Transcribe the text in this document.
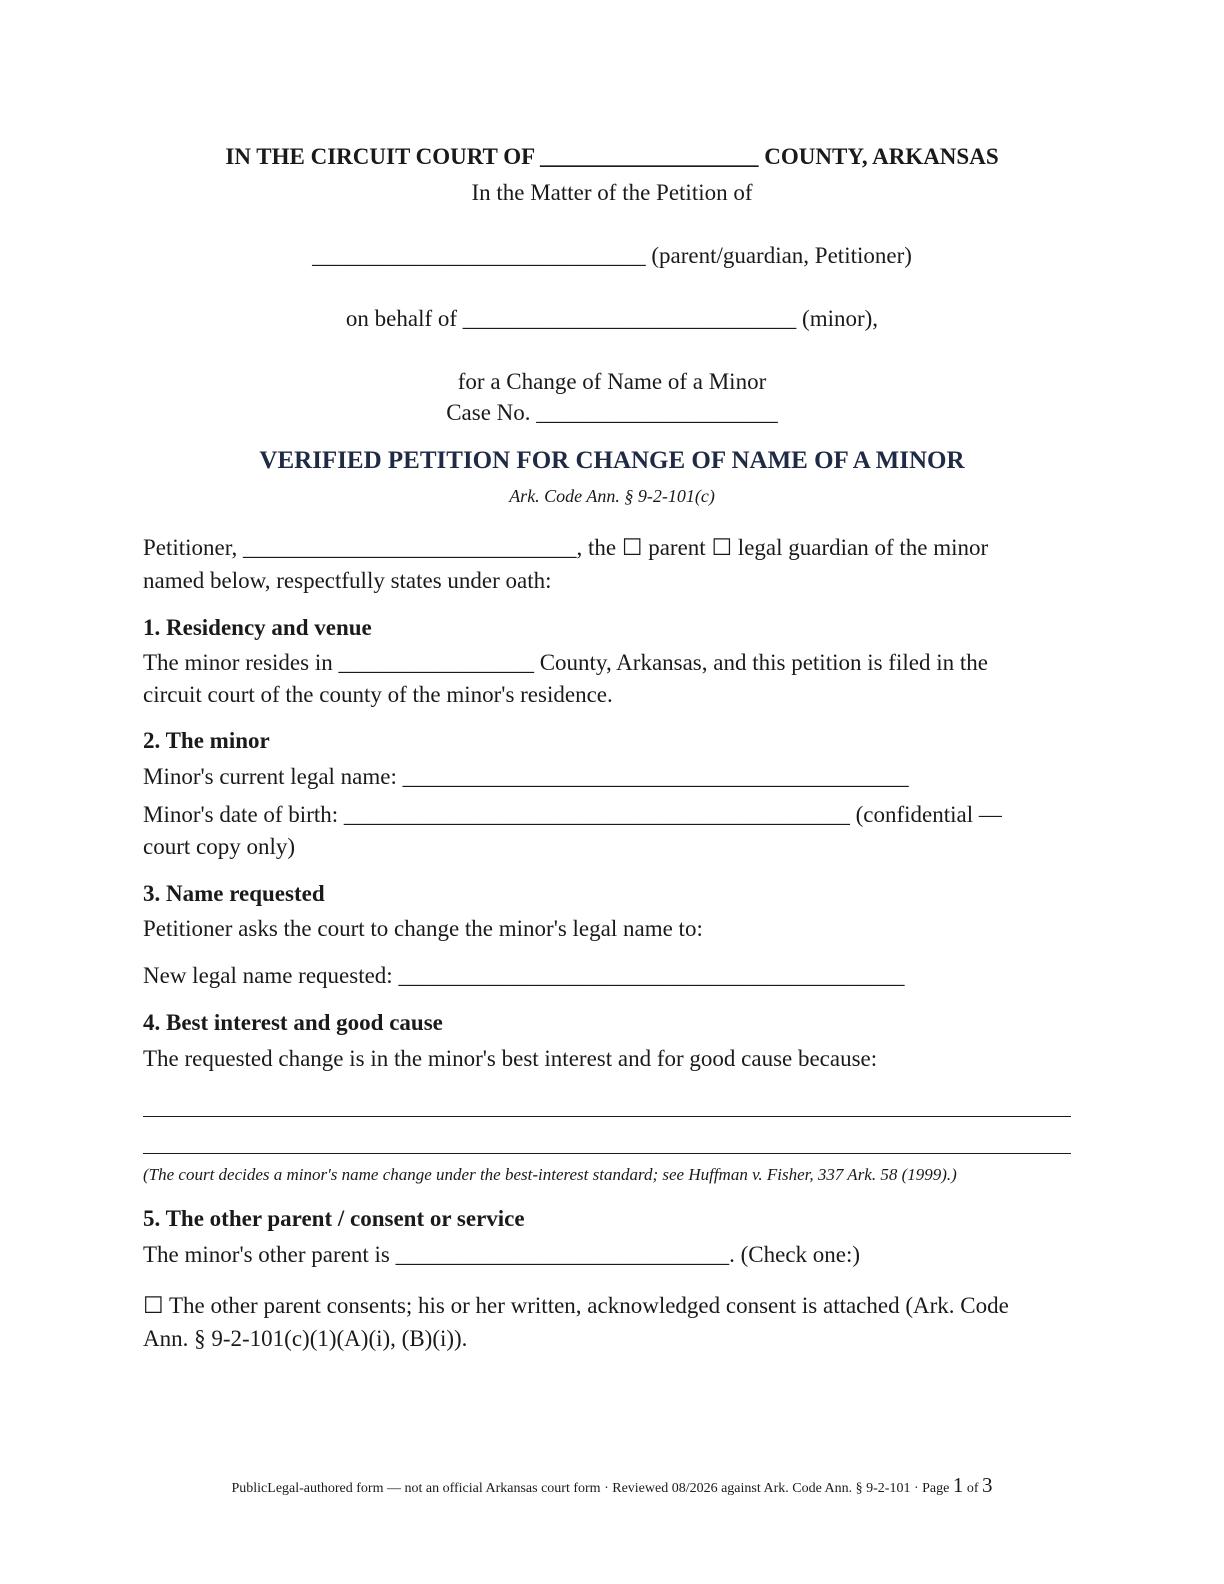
IN THE CIRCUIT COURT OF ___________________ COUNTY, ARKANSAS
In the Matter of the Petition of
_____________________________ (parent/guardian, Petitioner)
on behalf of _____________________________ (minor),
for a Change of Name of a Minor
Case No. _____________________
VERIFIED PETITION FOR CHANGE OF NAME OF A MINOR
Ark. Code Ann. § 9-2-101(c)
Petitioner, _____________________________, the ☐ parent ☐ legal guardian of the minor
named below, respectfully states under oath:
1. Residency and venue
The minor resides in _________________ County, Arkansas, and this petition is filed in the
circuit court of the county of the minor's residence.
2. The minor
Minor's current legal name: ____________________________________________
Minor's date of birth: ____________________________________________ (confidential —
court copy only)
3. Name requested
Petitioner asks the court to change the minor's legal name to:
New legal name requested: ____________________________________________
4. Best interest and good cause
The requested change is in the minor's best interest and for good cause because:
(The court decides a minor's name change under the best-interest standard; see Huffman v. Fisher, 337 Ark. 58 (1999).)
5. The other parent / consent or service
The minor's other parent is _____________________________. (Check one:)
☐ The other parent consents; his or her written, acknowledged consent is attached (Ark. Code
Ann. § 9-2-101(c)(1)(A)(i), (B)(i)).
PublicLegal-authored form — not an official Arkansas court form · Reviewed 08/2026 against Ark. Code Ann. § 9-2-101 · Page 1 of 3
